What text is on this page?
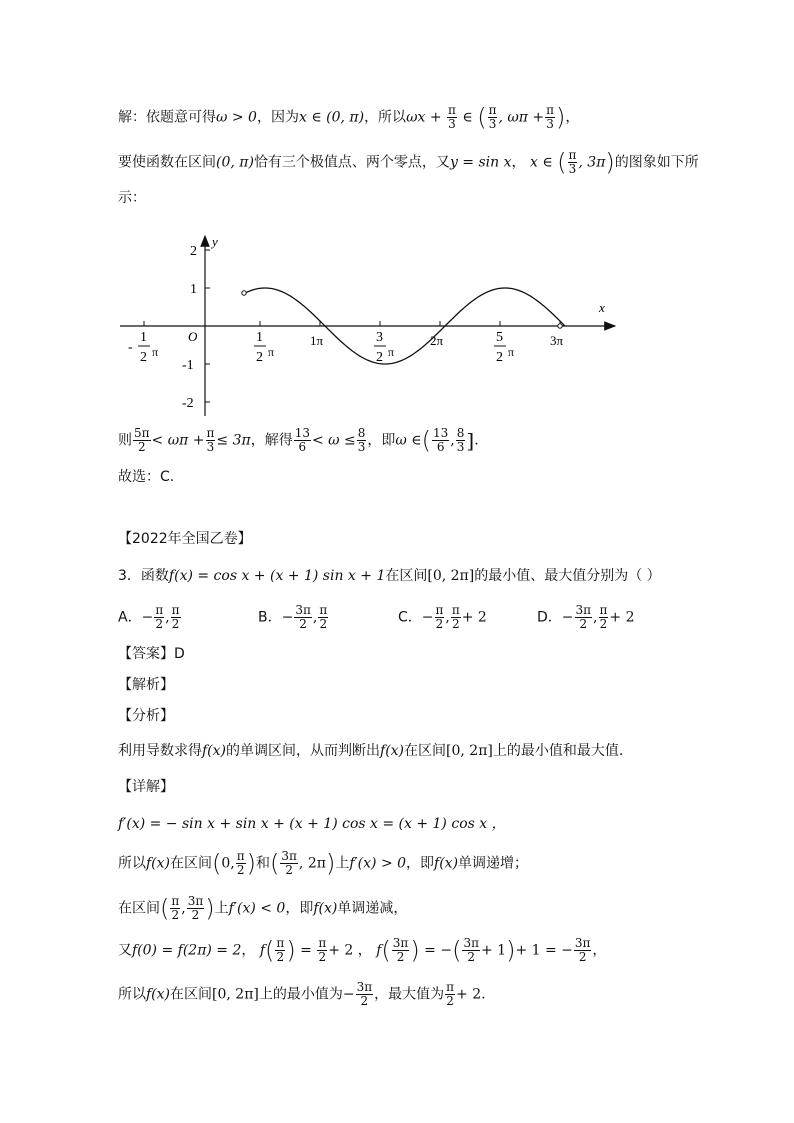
解：依题意可得ω > 0，因为x ∈ (0, π)，所以$\omega x + \frac{\pi}{3}$ ∈ ( $\frac{\pi}{3}$ , $\omega\pi + \frac{\pi}{3}$ )，
要使函数在区间(0, π)恰有三个极值点、两个零点，又y = sin x， x ∈ ( $\frac{\pi}{3}$ , 3π)的图象如下所
示：
y
x
O
2
1
-1
-2
1
-
2 π
1
2 π
3
2 π
5
2 π
1π	2π	3π
则 $\frac{5\pi}{2} < \omega\pi + \frac{\pi}{3} \le 3\pi$，解得 $\frac{13}{6} < \omega \le \frac{8}{3}$ ，即ω ∈( $\frac{13}{6}$ , $\frac{8}{3}$ ].
故选：C.
【2022年全国乙卷】
3．函数f(x) = cos x + (x + 1) sin x + 1在区间[0, 2π]的最小值、最大值分别为（ ）
A．− $\frac{\pi}{2}$ , $\frac{\pi}{2}$	B．− $\frac{3\pi}{2}$ , $\frac{\pi}{2}$	C．− $\frac{\pi}{2}$ , $\frac{\pi}{2} + 2$	D．− $\frac{3\pi}{2}$ , $\frac{\pi}{2} + 2$
【答案】D
【解析】
【分析】
利用导数求得f(x)的单调区间，从而判断出f(x)在区间[0, 2π]上的最小值和最大值.
【详解】
f′(x) = − sin x + sin x + (x + 1) cos x = (x + 1) cos x ，
所以f(x)在区间(0, $\frac{\pi}{2}$ )和( $\frac{3\pi}{2}$ , 2π)上f′(x) > 0，即f(x)单调递增；
在区间( $\frac{\pi}{2}$ , $\frac{3\pi}{2}$ )上f′(x) < 0，即f(x)单调递减，
又f(0) = f(2π) = 2， $f( \frac{\pi}{2}$ ) = $\frac{\pi}{2} + 2$ ， $f( \frac{3\pi}{2}$ ) = −( $\frac{3\pi}{2} + 1)+ 1$ = − $\frac{3\pi}{2}$ ，
所以f(x)在区间[0, 2π]上的最小值为− $\frac{3\pi}{2}$ ，最大值为 $\frac{\pi}{2} + 2$.
